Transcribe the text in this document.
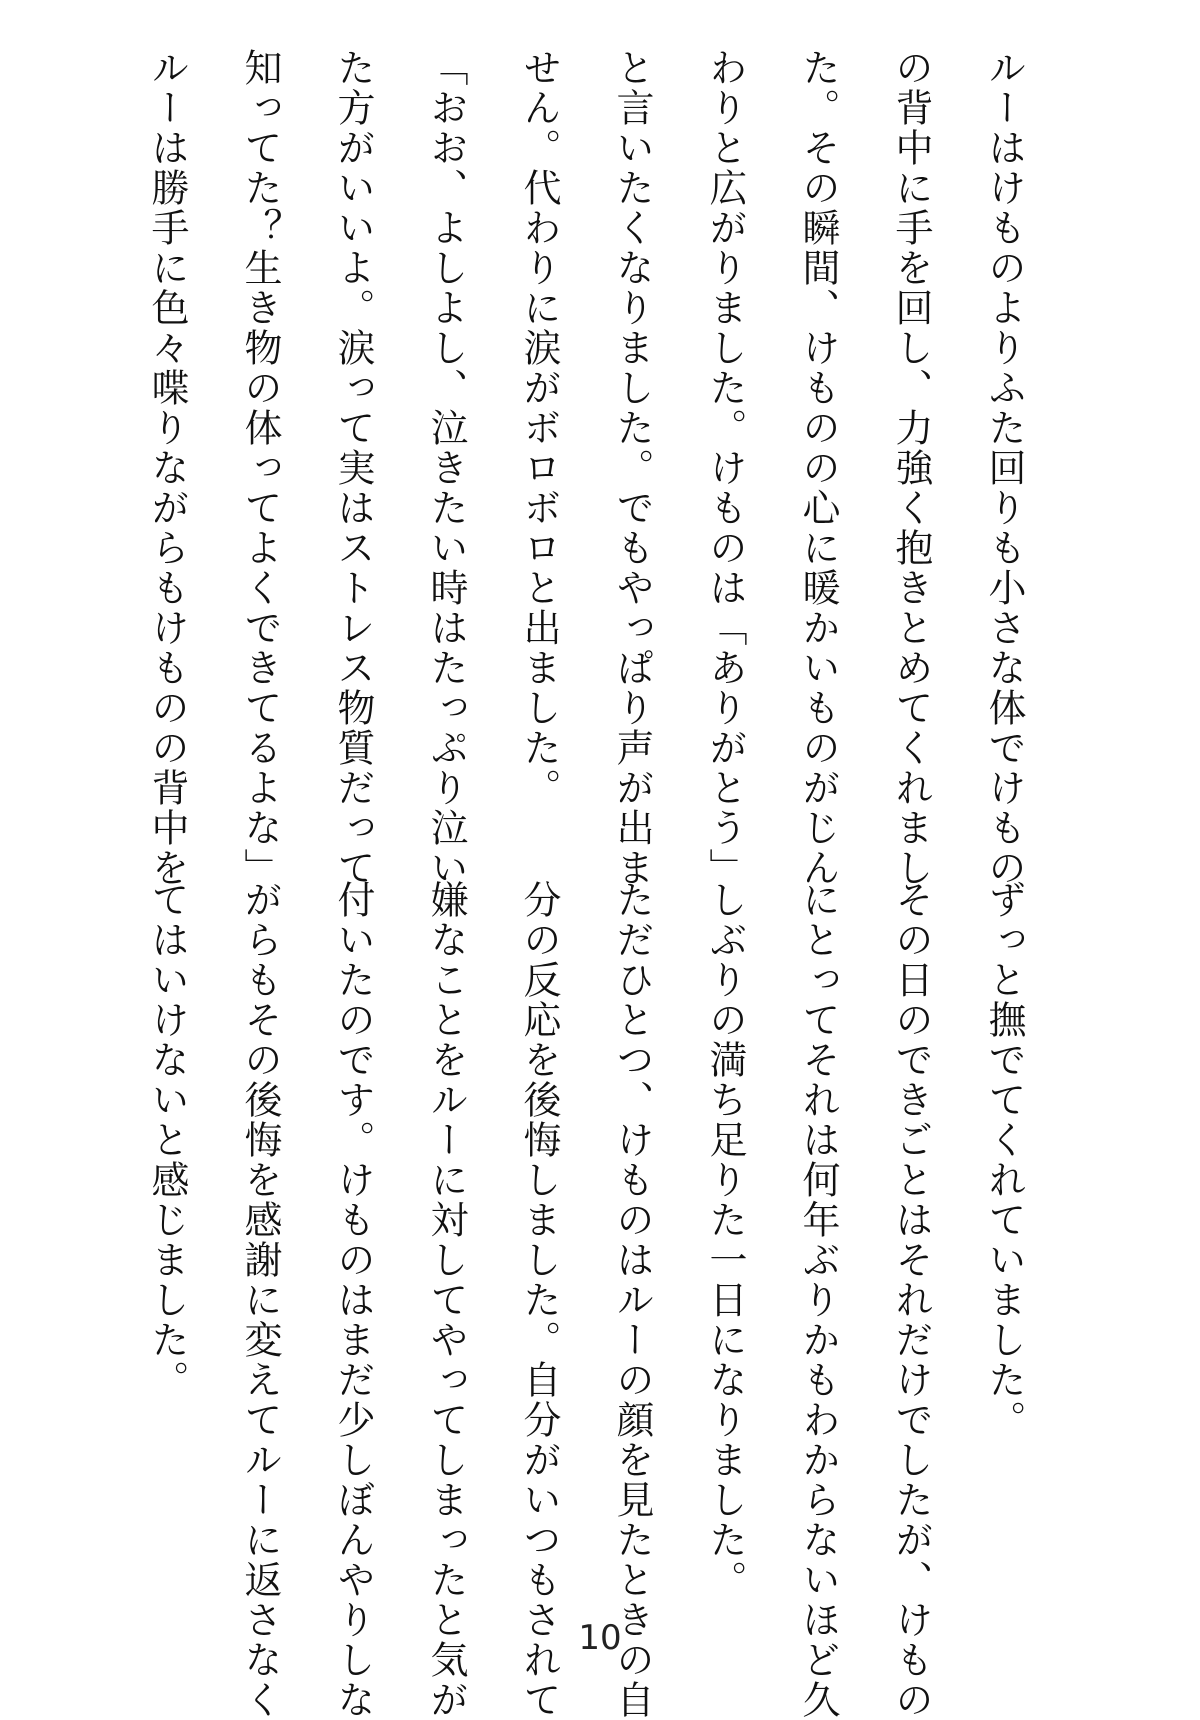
ルーはけものよりふた回りも小さな体でけもの
の背中に手を回し、力強く抱きとめてくれまし
た。その瞬間、けものの心に暖かいものがじん
わりと広がりました。けものは「ありがとう」
と言いたくなりました。でもやっぱり声が出ま
せん。代わりに涙がボロボロと出ました。
「おお、よしよし、泣きたい時はたっぷり泣い
た方がいいよ。涙って実はストレス物質だって
知ってた？生き物の体ってよくできてるよな」
ルーは勝手に色々喋りながらもけものの背中を
ずっと撫でてくれていました。
その日のできごとはそれだけでしたが、けもの
にとってそれは何年ぶりかもわからないほど久
しぶりの満ち足りた一日になりました。
ただひとつ、けものはルーの顔を見たときの自
分の反応を後悔しました。自分がいつもされて
嫌なことをルーに対してやってしまったと気が
付いたのです。けものはまだ少しぼんやりしな
がらもその後悔を感謝に変えてルーに返さなく
てはいけないと感じました。
10
